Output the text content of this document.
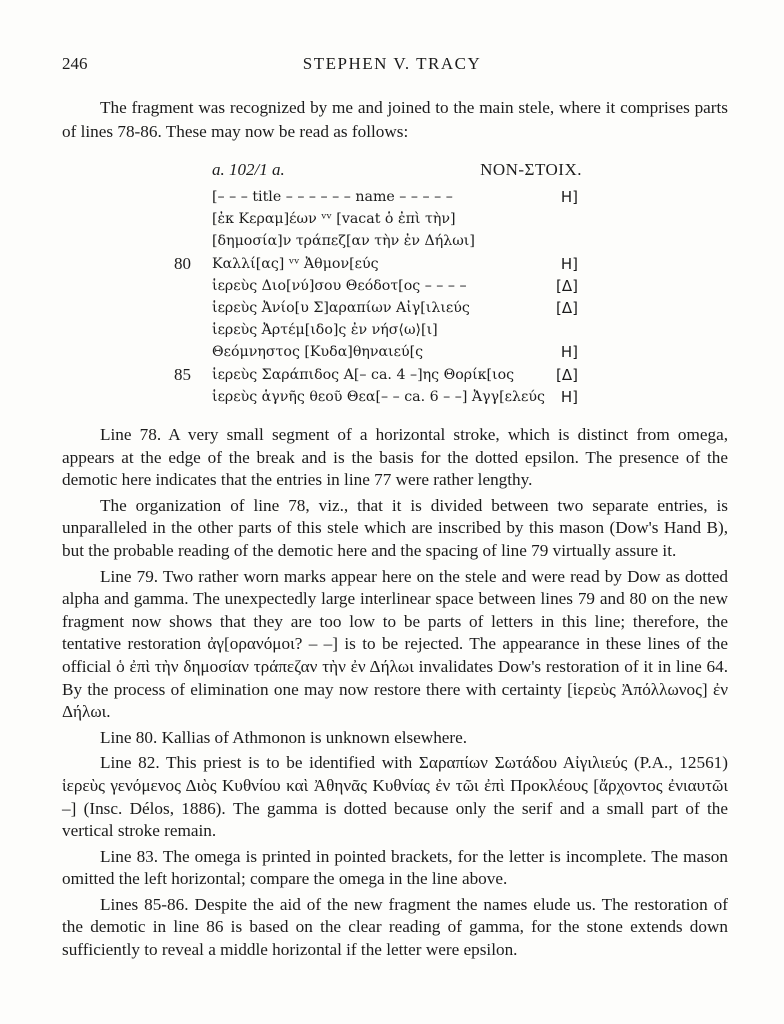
246	STEPHEN V. TRACY

The fragment was recognized by me and joined to the main stele, where it comprises parts of lines 78-86. These may now be read as follows:

a. 102/1 a.	NON-ΣΤΟΙΧ.
[– – – title – – – – – – name – – – – –	H]
[ἐκ Κεραμ]έων ᵛᵛ [vacat ὁ ἐπὶ τὴν]
[δημοσία]ν τράπεζ[αν τὴν ἐν Δήλωι]
80 Καλλί[ας] ᵛᵛ Ἀθμον[εύς	H]
ἱερεὺς Διο[νύ]σου Θεόδοτ[ος – – – –	[Δ]
ἱερεὺς Ἀνίο[υ Σ]αραπίων Αἰγ[ιλιεύς	[Δ]
ἱερεὺς Ἀρτέμ[ιδο]ς ἐν νήσ⟨ω⟩[ι]
Θεόμνηστος [Κυδα]θηναιεύ[ς	H]
85 ἱερεὺς Σαράπιδος Α[– ca. 4 –]ης Θορίκ[ιος	[Δ]
ἱερεὺς ἁγνῆς θεοῦ Θεα[– – ca. 6 – –] Ἀγγ[ελεύς H]

Line 78. A very small segment of a horizontal stroke, which is distinct from omega, appears at the edge of the break and is the basis for the dotted epsilon. The presence of the demotic here indicates that the entries in line 77 were rather lengthy.

The organization of line 78, viz., that it is divided between two separate entries, is unparalleled in the other parts of this stele which are inscribed by this mason (Dow's Hand B), but the probable reading of the demotic here and the spacing of line 79 virtually assure it.

Line 79. Two rather worn marks appear here on the stele and were read by Dow as dotted alpha and gamma. The unexpectedly large interlinear space between lines 79 and 80 on the new fragment now shows that they are too low to be parts of letters in this line; therefore, the tentative restoration ἀγ[ορανόμοι? – –] is to be rejected. The appearance in these lines of the official ὁ ἐπὶ τὴν δημοσίαν τράπεζαν τὴν ἐν Δήλωι invalidates Dow's restoration of it in line 64. By the process of elimination one may now restore there with certainty [ἱερεὺς Ἀπόλλωνος] ἐν Δήλωι.

Line 80. Kallias of Athmonon is unknown elsewhere.

Line 82. This priest is to be identified with Σαραπίων Σωτάδου Αἰγιλιεύς (P.A., 12561) ἱερεὺς γενόμενος Διὸς Κυθνίου καὶ Ἀθηνᾶς Κυθνίας ἐν τῶι ἐπὶ Προκλέους [ἄρχοντος ἐνιαυτῶι –] (Insc. Délos, 1886). The gamma is dotted because only the serif and a small part of the vertical stroke remain.

Line 83. The omega is printed in pointed brackets, for the letter is incomplete. The mason omitted the left horizontal; compare the omega in the line above.

Lines 85-86. Despite the aid of the new fragment the names elude us. The restoration of the demotic in line 86 is based on the clear reading of gamma, for the stone extends down sufficiently to reveal a middle horizontal if the letter were epsilon.
